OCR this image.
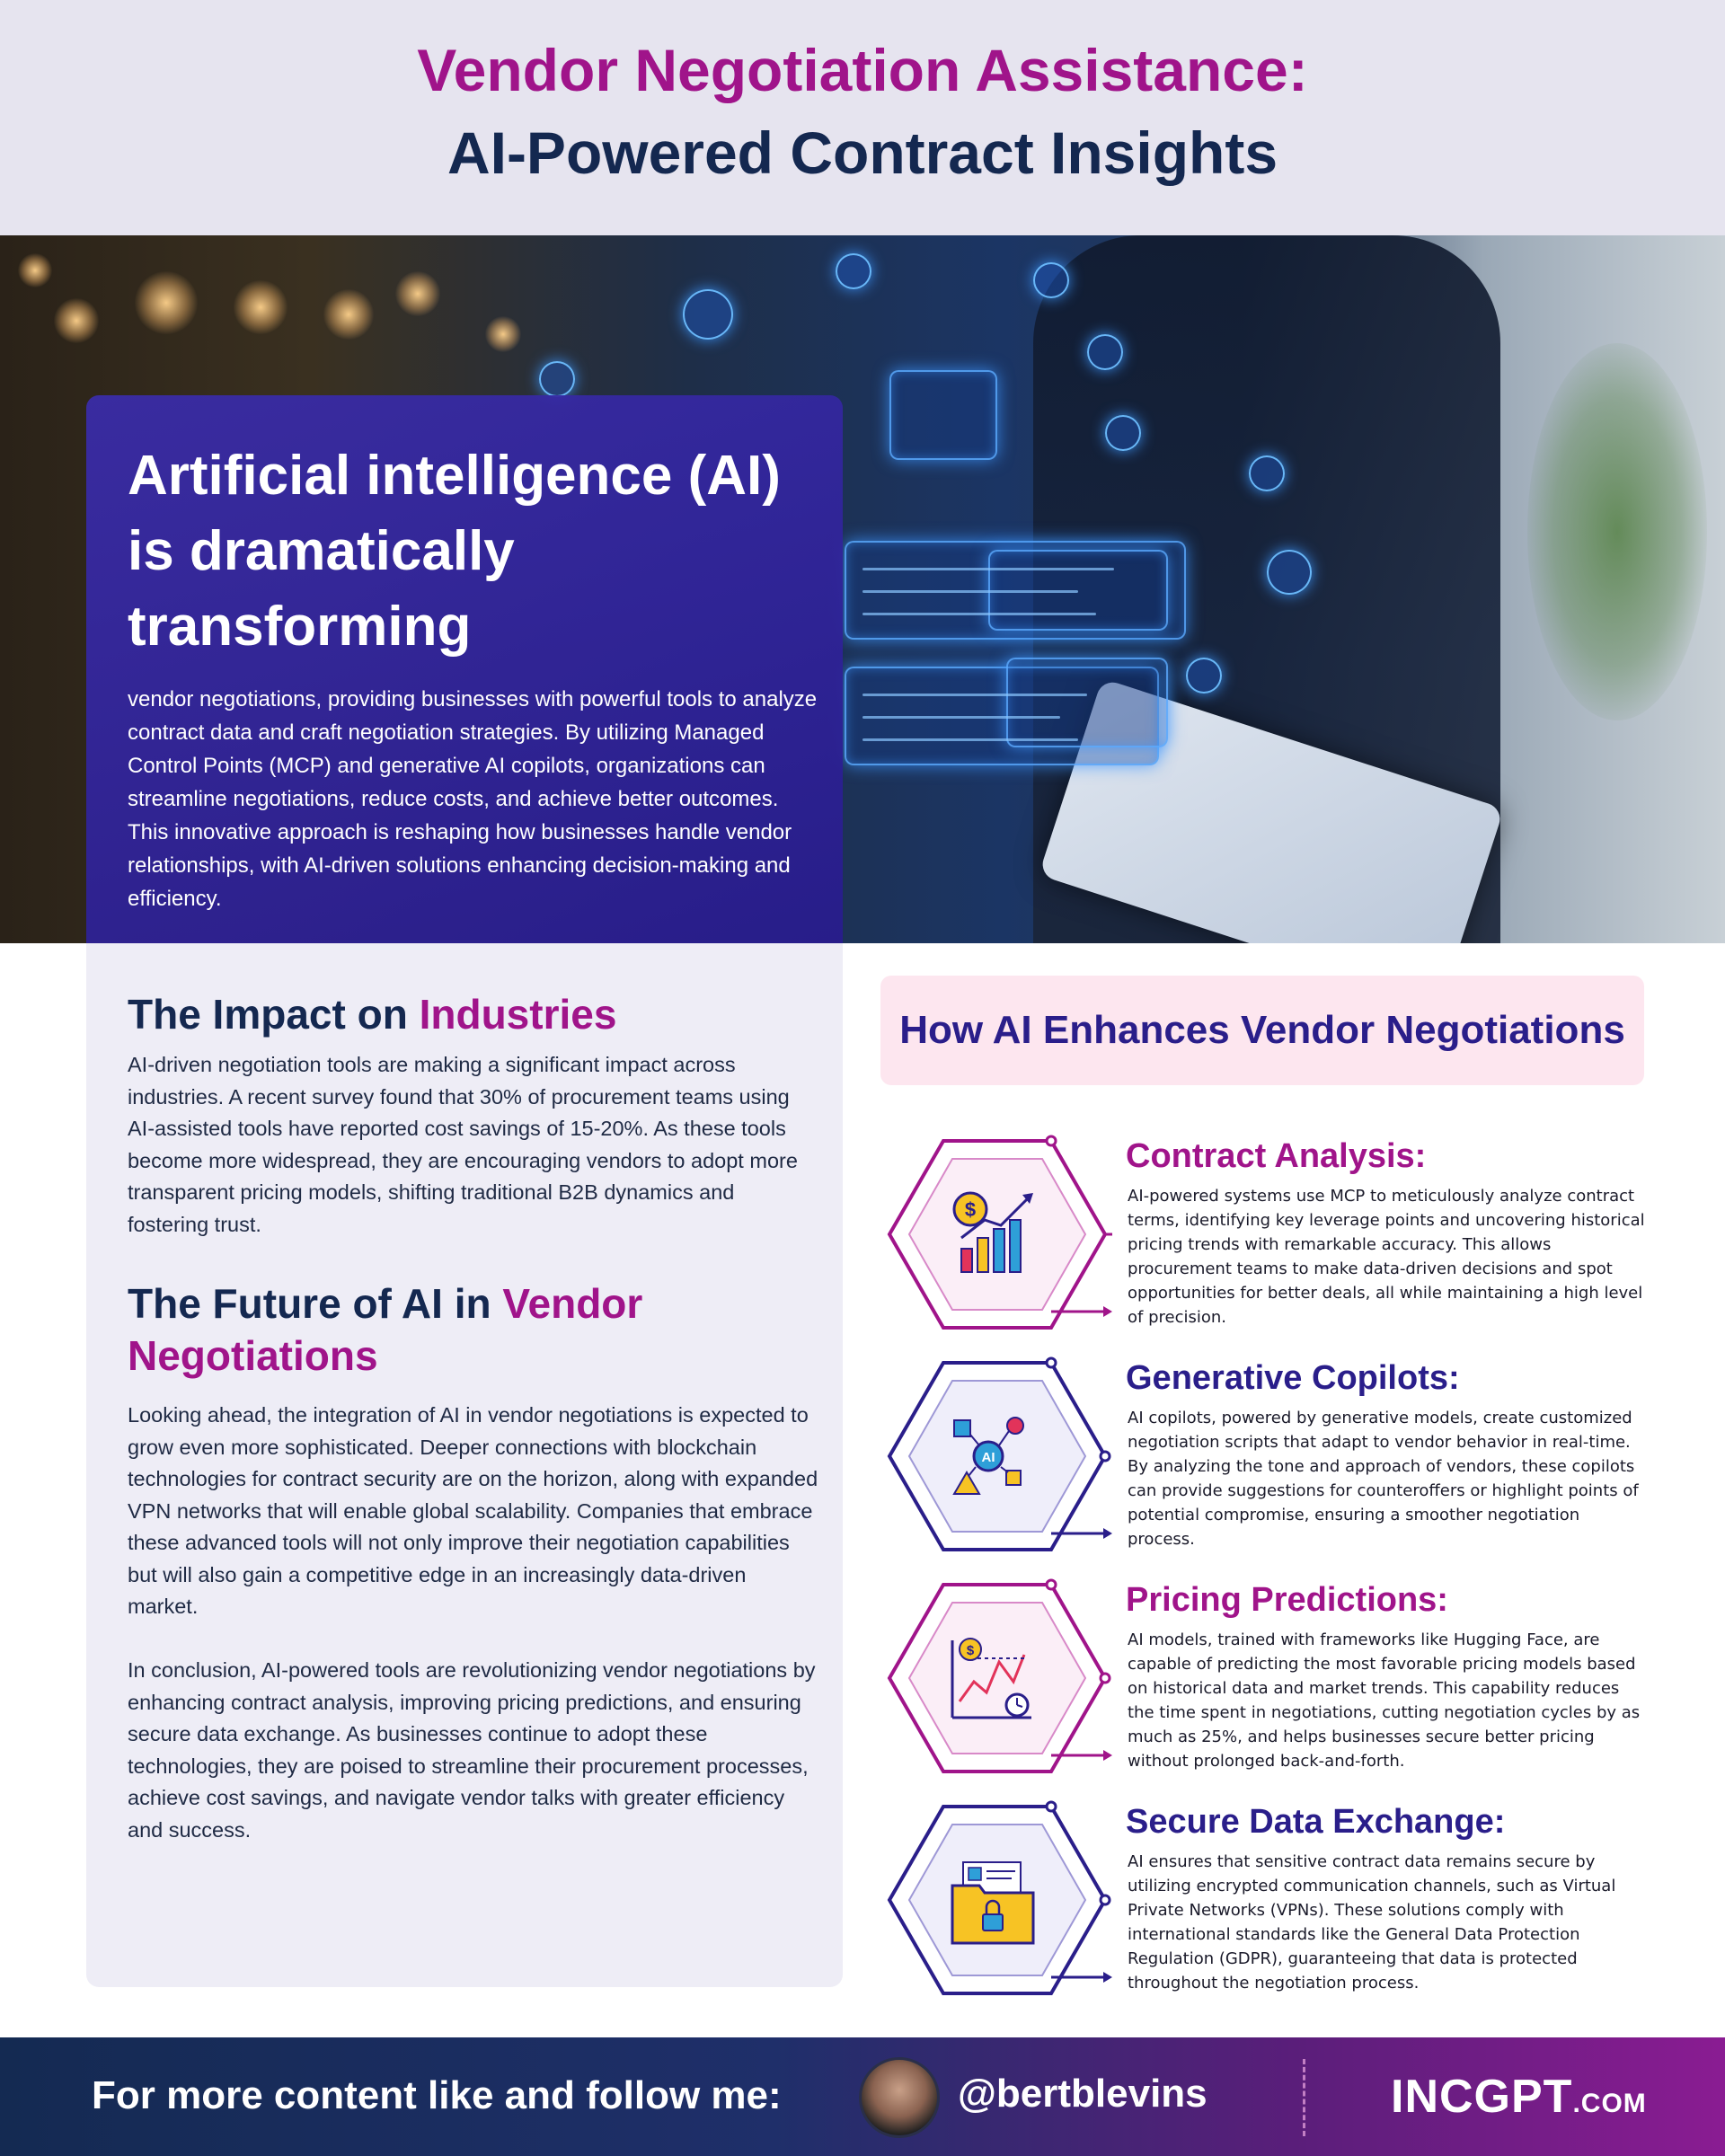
Vendor Negotiation Assistance:
AI-Powered Contract Insights
Artificial intelligence (AI) is dramatically transforming
vendor negotiations, providing businesses with powerful tools to analyze contract data and craft negotiation strategies. By utilizing Managed Control Points (MCP) and generative AI copilots, organizations can streamline negotiations, reduce costs, and achieve better outcomes. This innovative approach is reshaping how businesses handle vendor relationships, with AI-driven solutions enhancing decision-making and efficiency.
The Impact on Industries
AI-driven negotiation tools are making a significant impact across industries. A recent survey found that 30% of procurement teams using AI-assisted tools have reported cost savings of 15-20%. As these tools become more widespread, they are encouraging vendors to adopt more transparent pricing models, shifting traditional B2B dynamics and fostering trust.
The Future of AI in Vendor Negotiations
Looking ahead, the integration of AI in vendor negotiations is expected to grow even more sophisticated. Deeper connections with blockchain technologies for contract security are on the horizon, along with expanded VPN networks that will enable global scalability. Companies that embrace these advanced tools will not only improve their negotiation capabilities but will also gain a competitive edge in an increasingly data-driven market.
In conclusion, AI-powered tools are revolutionizing vendor negotiations by enhancing contract analysis, improving pricing predictions, and ensuring secure data exchange. As businesses continue to adopt these technologies, they are poised to streamline their procurement processes, achieve cost savings, and navigate vendor talks with greater efficiency and success.
How AI Enhances Vendor Negotiations
$
Contract Analysis:
AI-powered systems use MCP to meticulously analyze contract terms, identifying key leverage points and uncovering historical pricing trends with remarkable accuracy. This allows procurement teams to make data-driven decisions and spot opportunities for better deals, all while maintaining a high level of precision.
AI
Generative Copilots:
AI copilots, powered by generative models, create customized negotiation scripts that adapt to vendor behavior in real-time. By analyzing the tone and approach of vendors, these copilots can provide suggestions for counteroffers or highlight points of potential compromise, ensuring a smoother negotiation process.
$
Pricing Predictions:
AI models, trained with frameworks like Hugging Face, are capable of predicting the most favorable pricing models based on historical data and market trends. This capability reduces the time spent in negotiations, cutting negotiation cycles by as much as 25%, and helps businesses secure better pricing without prolonged back-and-forth.
Secure Data Exchange:
AI ensures that sensitive contract data remains secure by utilizing encrypted communication channels, such as Virtual Private Networks (VPNs). These solutions comply with international standards like the General Data Protection Regulation (GDPR), guaranteeing that data is protected throughout the negotiation process.
For more content like and follow me:	@bertblevins	INCGPT.COM
